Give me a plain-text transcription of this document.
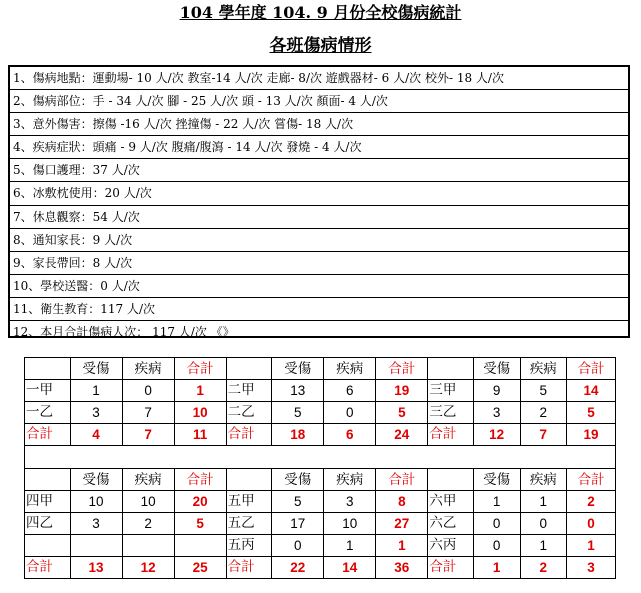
104 學年度 104. 9 月份全校傷病統計
各班傷病情形
1、傷病地點：運動場- 10 人/次 教室-14 人/次 走廊- 8/次 遊戲器材- 6 人/次 校外- 18 人/次
2、傷病部位：手 - 34 人/次 腳 - 25 人/次 頭 - 13 人/次 顏面- 4 人/次
3、意外傷害：擦傷 -16 人/次 挫撞傷 - 22 人/次 嘗傷- 18 人/次
4、疾病症狀：頭痛 - 9 人/次 腹痛/腹瀉 - 14 人/次 發燒 - 4 人/次
5、傷口護理：37 人/次
6、冰敷枕使用：20 人/次
7、休息觀察：54 人/次
8、通知家長：9 人/次
9、家長帶回：8 人/次
10、學校送醫：0 人/次
11、衛生教育：117 人/次
12、本月合計傷病人次： 117 人/次 《》
	受傷	疾病	合計		受傷	疾病	合計		受傷	疾病	合計
一甲	1	0	1	二甲	13	6	19	三甲	9	5	14
一乙	3	7	10	二乙	5	0	5	三乙	3	2	5
合計	4	7	11	合計	18	6	24	合計	12	7	19

	受傷	疾病	合計		受傷	疾病	合計		受傷	疾病	合計
四甲	10	10	20	五甲	5	3	8	六甲	1	1	2
四乙	3	2	5	五乙	17	10	27	六乙	0	0	0
				五丙	0	1	1	六丙	0	1	1
合計	13	12	25	合計	22	14	36	合計	1	2	3
